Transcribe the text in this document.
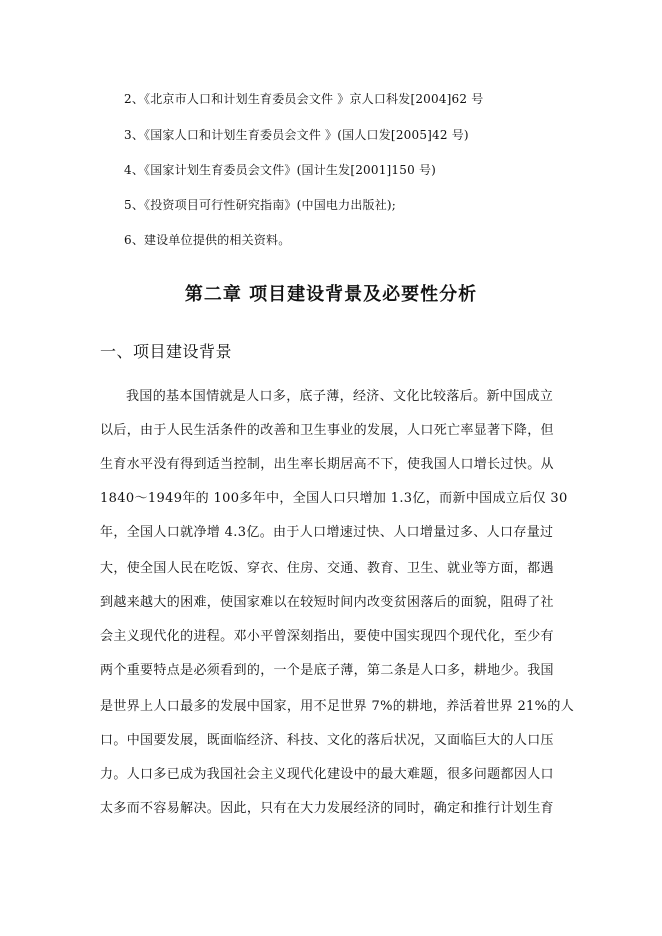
2、《北京市人口和计划生育委员会文件 》京人口科发[2004]62 号
3、《国家人口和计划生育委员会文件 》(国人口发[2005]42 号)
4、《国家计划生育委员会文件》(国计生发[2001]150 号)
5、《投资项目可行性研究指南》(中国电力出版社);
6、建设单位提供的相关资料。
第二章 项目建设背景及必要性分析
一、项目建设背景
我国的基本国情就是人口多，底子薄，经济、文化比较落后。新中国成立
以后，由于人民生活条件的改善和卫生事业的发展，人口死亡率显著下降，但
生育水平没有得到适当控制，出生率长期居高不下，使我国人口增长过快。从
1840～1949年的 100多年中，全国人口只增加 1.3亿，而新中国成立后仅 30
年，全国人口就净增 4.3亿。由于人口增速过快、人口增量过多、人口存量过
大，使全国人民在吃饭、穿衣、住房、交通、教育、卫生、就业等方面，都遇
到越来越大的困难，使国家难以在较短时间内改变贫困落后的面貌，阻碍了社
会主义现代化的进程。邓小平曾深刻指出，要使中国实现四个现代化，至少有
两个重要特点是必须看到的，一个是底子薄，第二条是人口多，耕地少。我国
是世界上人口最多的发展中国家，用不足世界 7%的耕地，养活着世界 21%的人
口。中国要发展，既面临经济、科技、文化的落后状况，又面临巨大的人口压
力。人口多已成为我国社会主义现代化建设中的最大难题，很多问题都因人口
太多而不容易解决。因此，只有在大力发展经济的同时，确定和推行计划生育
